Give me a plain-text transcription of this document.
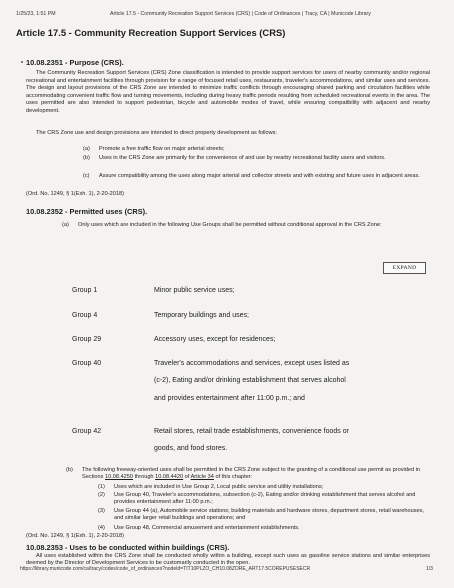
1/25/23, 1:51 PM	Article 17.5 - Community Recreation Support Services (CRS) | Code of Ordinances | Tracy, CA | Municode Library
Article 17.5 - Community Recreation Support Services (CRS)
10.08.2351 - Purpose (CRS).
The Community Recreation Support Services (CRS) Zone classification is intended to provide support services for users of nearby community and/or regional recreational and entertainment facilities through provision for a range of focused retail uses, restaurants, traveler's accommodations, and similar uses and services. The design and layout provisions of the CRS Zone are intended to minimize traffic conflicts through encouraging shared parking and circulation facilities while accommodating convenient traffic flow and turning movements, including during heavy traffic periods resulting from scheduled recreational events in the area. The uses permitted are also intended to support pedestrian, bicycle and automobile modes of travel, while ensuring compatibility with adjacent and nearby development.
The CRS Zone use and design provisions are intended to direct property development as follows:
(a) Promote a free traffic flow on major arterial streets;
(b) Uses in the CRS Zone are primarily for the convenience of and use by nearby recreational facility users and visitors.
(c) Assure compatibility among the uses along major arterial and collector streets and with existing and future uses in adjacent areas.
(Ord. No. 1249, § 1(Exh. 1), 2-20-2018)
10.08.2352 - Permitted uses (CRS).
(a) Only uses which are included in the following Use Groups shall be permitted without conditional approval in the CRS Zone:
EXPAND
Group 1	Minor public service uses;
Group 4	Temporary buildings and uses;
Group 29	Accessory uses, except for residences;
Group 40	Traveler's accommodations and services, except uses listed as (c-2), Eating and/or drinking establishment that serves alcohol and provides entertainment after 11:00 p.m.; and
Group 42	Retail stores, retail trade establishments, convenience foods or goods, and food stores.
(b) The following freeway-oriented uses shall be permitted in the CRS Zone subject to the granting of a conditional use permit as provided in Sections 10.08.4250 through 10.08.4420 of Article 34 of this chapter:
(1) Uses which are included in Use Group 2, Local public service and utility installations;
(2) Use Group 40, Traveler's accommodations, subsection (c-2), Eating and/or drinking establishment that serves alcohol and provides entertainment after 11:00 p.m.;
(3) Use Group 44 (a), Automobile service stations; building materials and hardware stores, department stores, retail warehouses, and similar larger retail buildings and operations; and
(4) Use Group 48, Commercial amusement and entertainment establishments.
(Ord. No. 1249, § 1(Exh. 1), 2-20-2018)
10.08.2353 - Uses to be conducted within buildings (CRS).
All uses established within the CRS Zone shall be conducted wholly within a building, except such uses as gasoline service stations and similar enterprises deemed by the Director of Development Services to be customarily conducted in the open.
https://library.municode.com/ca/tracy/codes/code_of_ordinances?nodeId=TIT10PLZO_CH10.08ZORE_ART17.5COREPUSESECR	1/3
